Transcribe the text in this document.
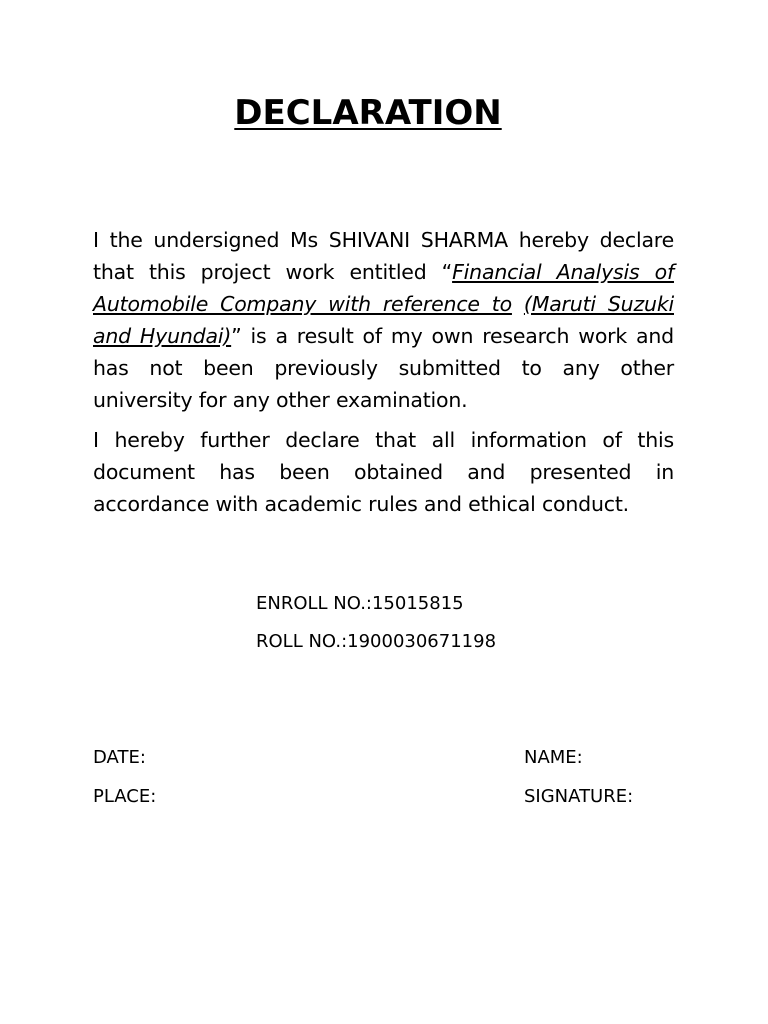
DECLARATION

I the undersigned Ms SHIVANI SHARMA hereby declare that this project work entitled “Financial Analysis of Automobile Company with reference to (Maruti Suzuki and Hyundai)” is a result of my own research work and has not been previously submitted to any other university for any other examination.

I hereby further declare that all information of this document has been obtained and presented in accordance with academic rules and ethical conduct.

ENROLL NO.:15015815
ROLL NO.:1900030671198
DATE:
PLACE:
NAME:
SIGNATURE:
